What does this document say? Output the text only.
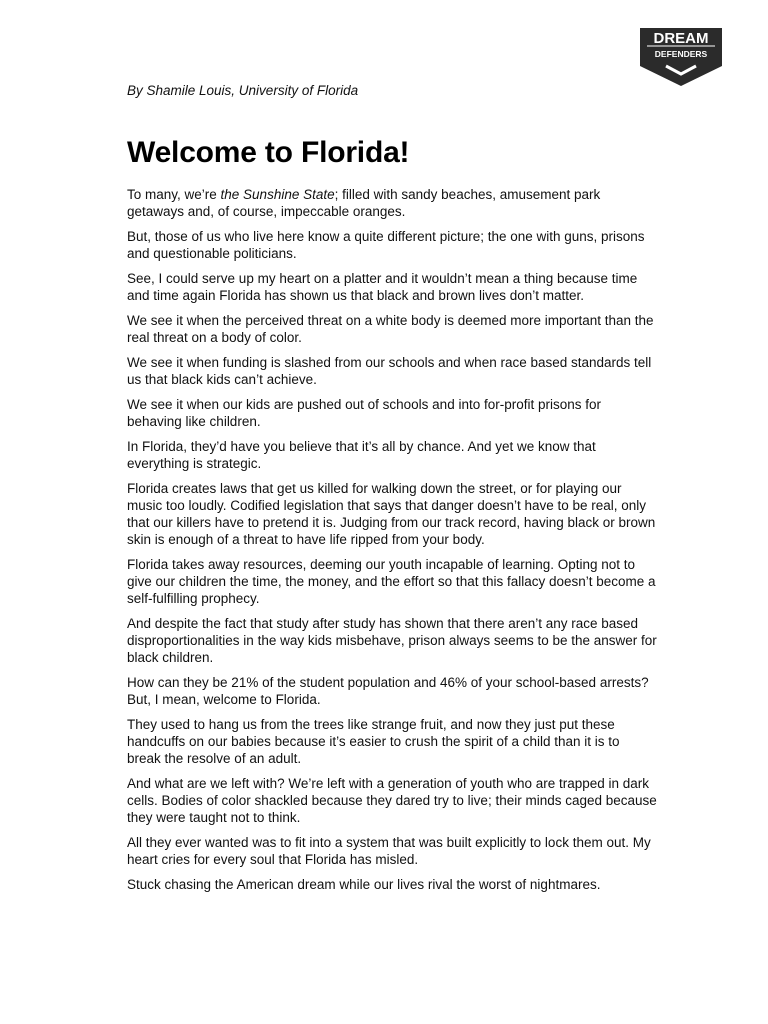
DREAM
DEFENDERS
By Shamile Louis, University of Florida
Welcome to Florida!

To many, we’re the Sunshine State; filled with sandy beaches, amusement park getaways and, of course, impeccable oranges.

But, those of us who live here know a quite different picture; the one with guns, prisons and questionable politicians.

See, I could serve up my heart on a platter and it wouldn’t mean a thing because time and time again Florida has shown us that black and brown lives don’t matter.

We see it when the perceived threat on a white body is deemed more important than the real threat on a body of color.

We see it when funding is slashed from our schools and when race based standards tell us that black kids can’t achieve.

We see it when our kids are pushed out of schools and into for-profit prisons for behaving like children.

In Florida, they’d have you believe that it’s all by chance. And yet we know that everything is strategic.

Florida creates laws that get us killed for walking down the street, or for playing our music too loudly. Codified legislation that says that danger doesn’t have to be real, only that our killers have to pretend it is. Judging from our track record, having black or brown skin is enough of a threat to have life ripped from your body.

Florida takes away resources, deeming our youth incapable of learning. Opting not to give our children the time, the money, and the effort so that this fallacy doesn’t become a self-fulfilling prophecy.

And despite the fact that study after study has shown that there aren’t any race based disproportionalities in the way kids misbehave, prison always seems to be the answer for black children.

How can they be 21% of the student population and 46% of your school-based arrests? But, I mean, welcome to Florida.

They used to hang us from the trees like strange fruit, and now they just put these handcuffs on our babies because it’s easier to crush the spirit of a child than it is to break the resolve of an adult.

And what are we left with? We’re left with a generation of youth who are trapped in dark cells. Bodies of color shackled because they dared try to live; their minds caged because they were taught not to think.

All they ever wanted was to fit into a system that was built explicitly to lock them out. My heart cries for every soul that Florida has misled.

Stuck chasing the American dream while our lives rival the worst of nightmares.
